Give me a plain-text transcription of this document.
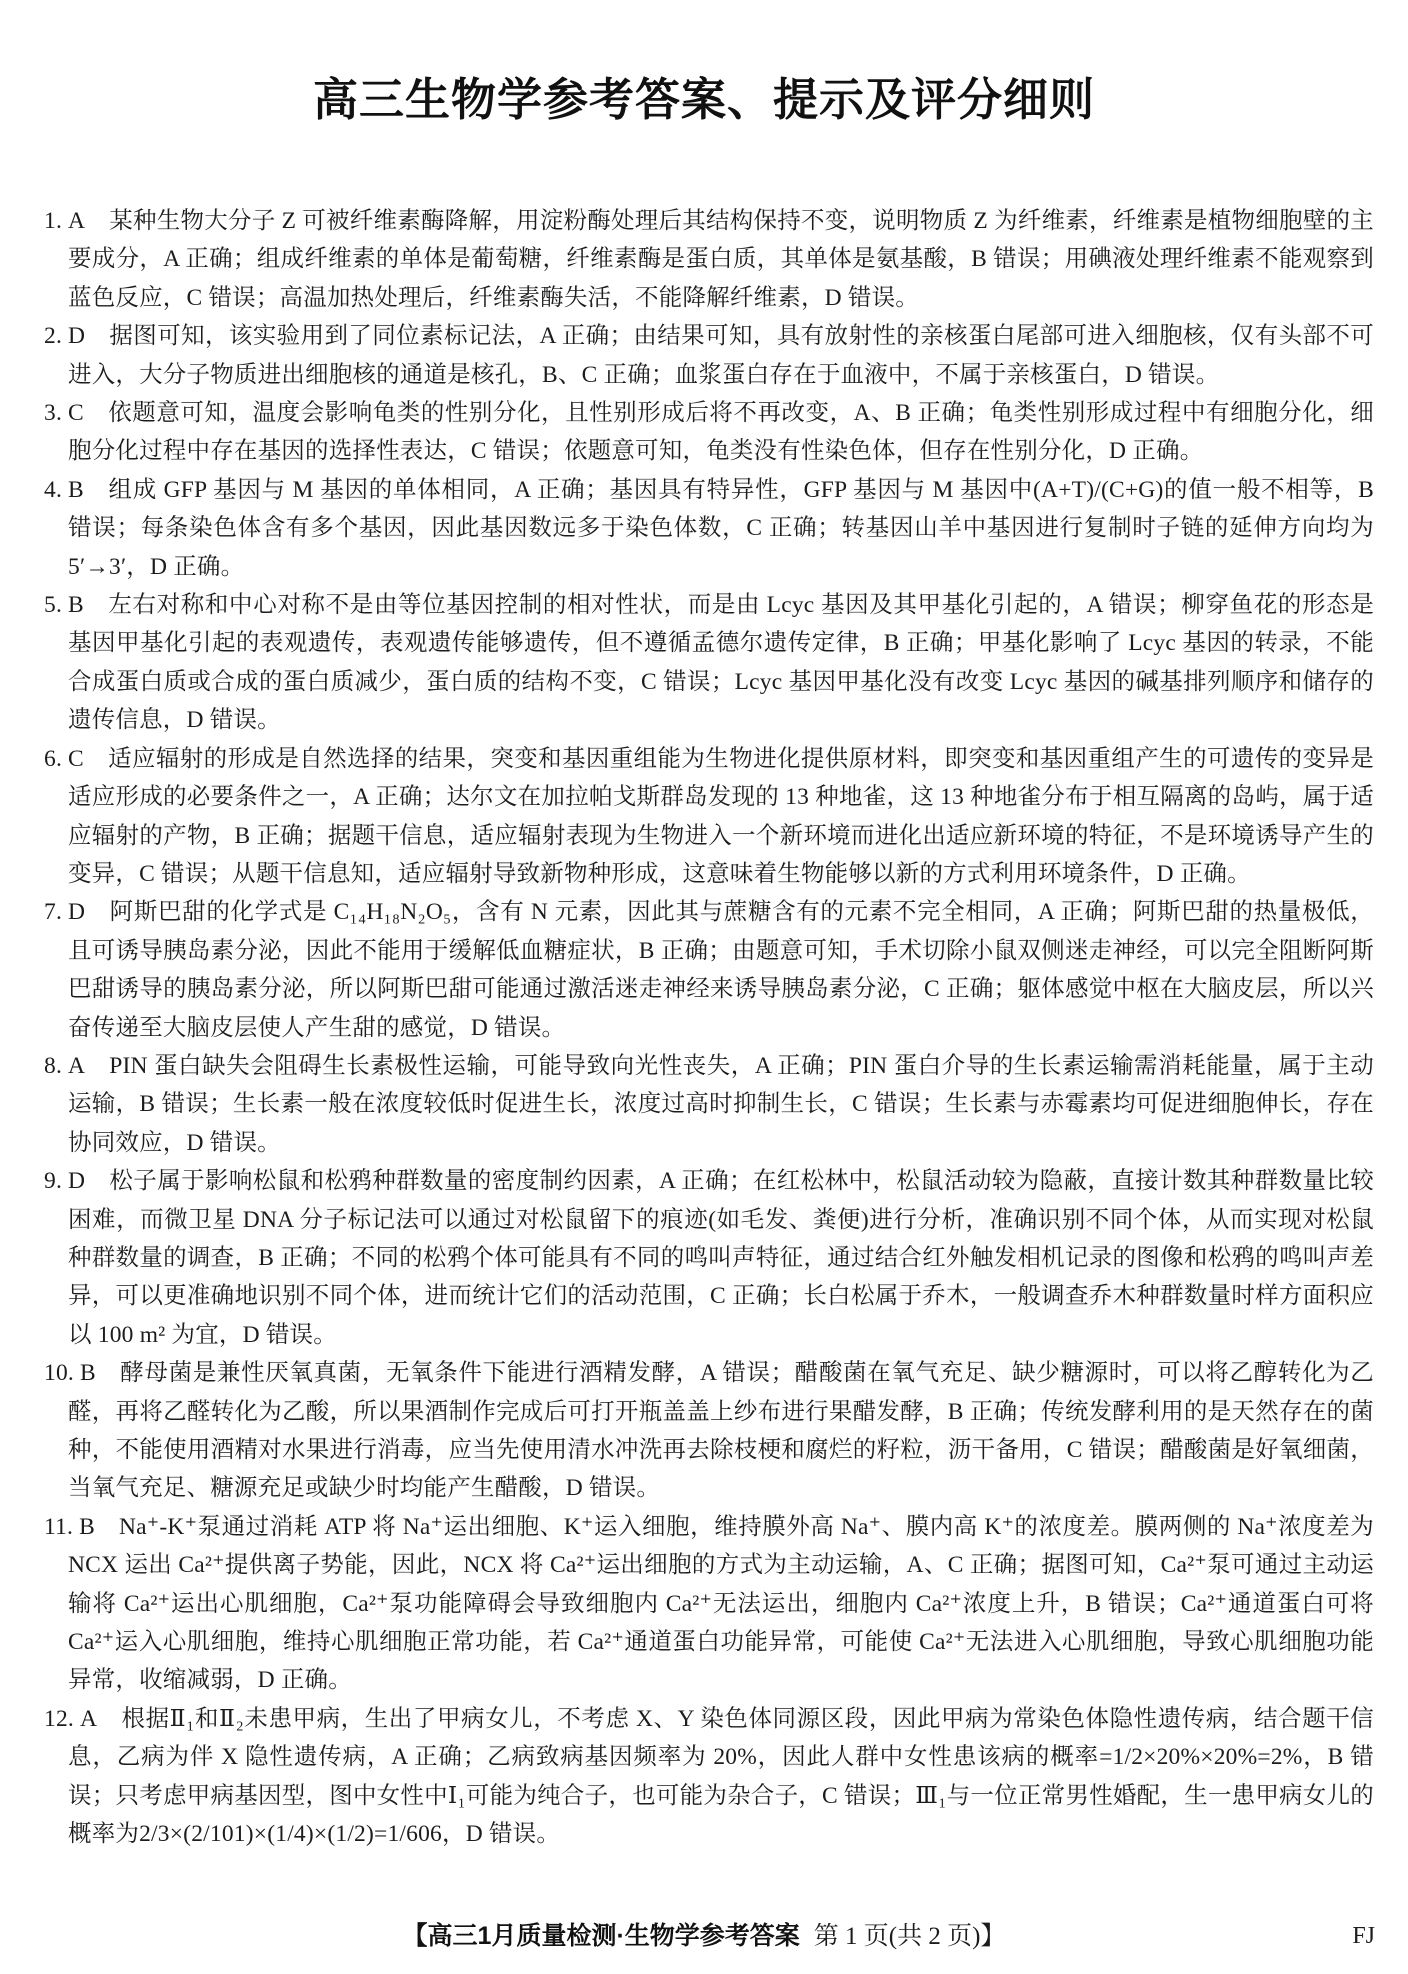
高三生物学参考答案、提示及评分细则

1. A 某种生物大分子 Z 可被纤维素酶降解，用淀粉酶处理后其结构保持不变，说明物质 Z 为纤维素，纤维素是植物细胞壁的主要成分，A 正确；组成纤维素的单体是葡萄糖，纤维素酶是蛋白质，其单体是氨基酸，B 错误；用碘液处理纤维素不能观察到蓝色反应，C 错误；高温加热处理后，纤维素酶失活，不能降解纤维素，D 错误。

2. D 据图可知，该实验用到了同位素标记法，A 正确；由结果可知，具有放射性的亲核蛋白尾部可进入细胞核，仅有头部不可进入，大分子物质进出细胞核的通道是核孔，B、C 正确；血浆蛋白存在于血液中，不属于亲核蛋白，D 错误。

3. C 依题意可知，温度会影响龟类的性别分化，且性别形成后将不再改变，A、B 正确；龟类性别形成过程中有细胞分化，细胞分化过程中存在基因的选择性表达，C 错误；依题意可知，龟类没有性染色体，但存在性别分化，D 正确。

4. B 组成 GFP 基因与 M 基因的单体相同，A 正确；基因具有特异性，GFP 基因与 M 基因中(A+T)/(C+G)的值一般不相等，B 错误；每条染色体含有多个基因，因此基因数远多于染色体数，C 正确；转基因山羊中基因进行复制时子链的延伸方向均为 5′→3′，D 正确。

5. B 左右对称和中心对称不是由等位基因控制的相对性状，而是由 Lcyc 基因及其甲基化引起的，A 错误；柳穿鱼花的形态是基因甲基化引起的表观遗传，表观遗传能够遗传，但不遵循孟德尔遗传定律，B 正确；甲基化影响了 Lcyc 基因的转录，不能合成蛋白质或合成的蛋白质减少，蛋白质的结构不变，C 错误；Lcyc 基因甲基化没有改变 Lcyc 基因的碱基排列顺序和储存的遗传信息，D 错误。

6. C 适应辐射的形成是自然选择的结果，突变和基因重组能为生物进化提供原材料，即突变和基因重组产生的可遗传的变异是适应形成的必要条件之一，A 正确；达尔文在加拉帕戈斯群岛发现的 13 种地雀，这 13 种地雀分布于相互隔离的岛屿，属于适应辐射的产物，B 正确；据题干信息，适应辐射表现为生物进入一个新环境而进化出适应新环境的特征，不是环境诱导产生的变异，C 错误；从题干信息知，适应辐射导致新物种形成，这意味着生物能够以新的方式利用环境条件，D 正确。

7. D 阿斯巴甜的化学式是 C₁₄H₁₈N₂O₅，含有 N 元素，因此其与蔗糖含有的元素不完全相同，A 正确；阿斯巴甜的热量极低，且可诱导胰岛素分泌，因此不能用于缓解低血糖症状，B 正确；由题意可知，手术切除小鼠双侧迷走神经，可以完全阻断阿斯巴甜诱导的胰岛素分泌，所以阿斯巴甜可能通过激活迷走神经来诱导胰岛素分泌，C 正确；躯体感觉中枢在大脑皮层，所以兴奋传递至大脑皮层使人产生甜的感觉，D 错误。

8. A PIN 蛋白缺失会阻碍生长素极性运输，可能导致向光性丧失，A 正确；PIN 蛋白介导的生长素运输需消耗能量，属于主动运输，B 错误；生长素一般在浓度较低时促进生长，浓度过高时抑制生长，C 错误；生长素与赤霉素均可促进细胞伸长，存在协同效应，D 错误。

9. D 松子属于影响松鼠和松鸦种群数量的密度制约因素，A 正确；在红松林中，松鼠活动较为隐蔽，直接计数其种群数量比较困难，而微卫星 DNA 分子标记法可以通过对松鼠留下的痕迹(如毛发、粪便)进行分析，准确识别不同个体，从而实现对松鼠种群数量的调查，B 正确；不同的松鸦个体可能具有不同的鸣叫声特征，通过结合红外触发相机记录的图像和松鸦的鸣叫声差异，可以更准确地识别不同个体，进而统计它们的活动范围，C 正确；长白松属于乔木，一般调查乔木种群数量时样方面积应以 100 m² 为宜，D 错误。

10. B 酵母菌是兼性厌氧真菌，无氧条件下能进行酒精发酵，A 错误；醋酸菌在氧气充足、缺少糖源时，可以将乙醇转化为乙醛，再将乙醛转化为乙酸，所以果酒制作完成后可打开瓶盖盖上纱布进行果醋发酵，B 正确；传统发酵利用的是天然存在的菌种，不能使用酒精对水果进行消毒，应当先使用清水冲洗再去除枝梗和腐烂的籽粒，沥干备用，C 错误；醋酸菌是好氧细菌，当氧气充足、糖源充足或缺少时均能产生醋酸，D 错误。

11. B Na⁺-K⁺泵通过消耗 ATP 将 Na⁺运出细胞、K⁺运入细胞，维持膜外高 Na⁺、膜内高 K⁺的浓度差。膜两侧的 Na⁺浓度差为 NCX 运出 Ca²⁺提供离子势能，因此，NCX 将 Ca²⁺运出细胞的方式为主动运输，A、C 正确；据图可知，Ca²⁺泵可通过主动运输将 Ca²⁺运出心肌细胞，Ca²⁺泵功能障碍会导致细胞内 Ca²⁺无法运出，细胞内 Ca²⁺浓度上升，B 错误；Ca²⁺通道蛋白可将 Ca²⁺运入心肌细胞，维持心肌细胞正常功能，若 Ca²⁺通道蛋白功能异常，可能使 Ca²⁺无法进入心肌细胞，导致心肌细胞功能异常，收缩减弱，D 正确。

12. A 根据Ⅱ₁和Ⅱ₂未患甲病，生出了甲病女儿，不考虑 X、Y 染色体同源区段，因此甲病为常染色体隐性遗传病，结合题干信息，乙病为伴 X 隐性遗传病，A 正确；乙病致病基因频率为 20%，因此人群中女性患该病的概率=1/2×20%×20%=2%，B 错误；只考虑甲病基因型，图中女性中Ⅰ₁可能为纯合子，也可能为杂合子，C 错误；Ⅲ₁与一位正常男性婚配，生一患甲病女儿的概率为2/3×(2/101)×(1/4)×(1/2)=1/606，D 错误。

【高三1月质量检测·生物学参考答案 第 1 页(共 2 页)】	FJ
